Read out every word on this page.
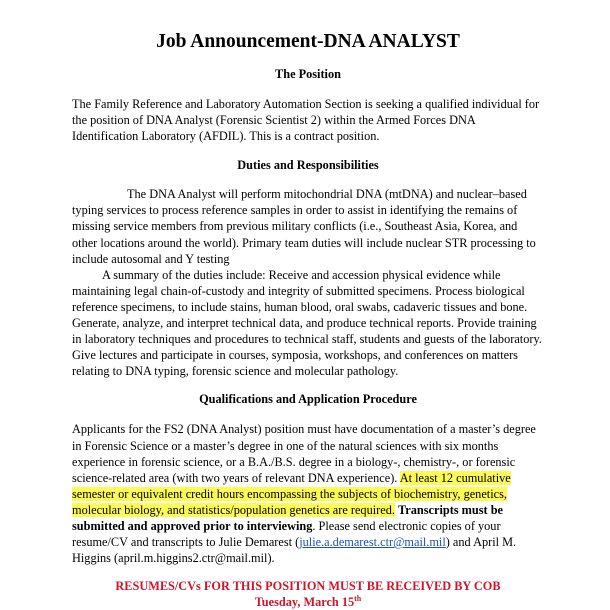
Job Announcement-DNA ANALYST
The Position

The Family Reference and Laboratory Automation Section is seeking a qualified individual for the position of DNA Analyst (Forensic Scientist 2) within the Armed Forces DNA Identification Laboratory (AFDIL). This is a contract position.

Duties and Responsibilities

The DNA Analyst will perform mitochondrial DNA (mtDNA) and nuclear–based typing services to process reference samples in order to assist in identifying the remains of missing service members from previous military conflicts (i.e., Southeast Asia, Korea, and other locations around the world). Primary team duties will include nuclear STR processing to include autosomal and Y testing

A summary of the duties include: Receive and accession physical evidence while maintaining legal chain-of-custody and integrity of submitted specimens. Process biological reference specimens, to include stains, human blood, oral swabs, cadaveric tissues and bone. Generate, analyze, and interpret technical data, and produce technical reports. Provide training in laboratory techniques and procedures to technical staff, students and guests of the laboratory. Give lectures and participate in courses, symposia, workshops, and conferences on matters relating to DNA typing, forensic science and molecular pathology.

Qualifications and Application Procedure

Applicants for the FS2 (DNA Analyst) position must have documentation of a master’s degree in Forensic Science or a master’s degree in one of the natural sciences with six months experience in forensic science, or a B.A./B.S. degree in a biology-, chemistry-, or forensic science-related area (with two years of relevant DNA experience). At least 12 cumulative semester or equivalent credit hours encompassing the subjects of biochemistry, genetics, molecular biology, and statistics/population genetics are required. Transcripts must be submitted and approved prior to interviewing. Please send electronic copies of your resume/CV and transcripts to Julie Demarest (julie.a.demarest.ctr@mail.mil) and April M. Higgins (april.m.higgins2.ctr@mail.mil).

RESUMES/CVs FOR THIS POSITION MUST BE RECEIVED BY COB
Tuesday, March 15th
